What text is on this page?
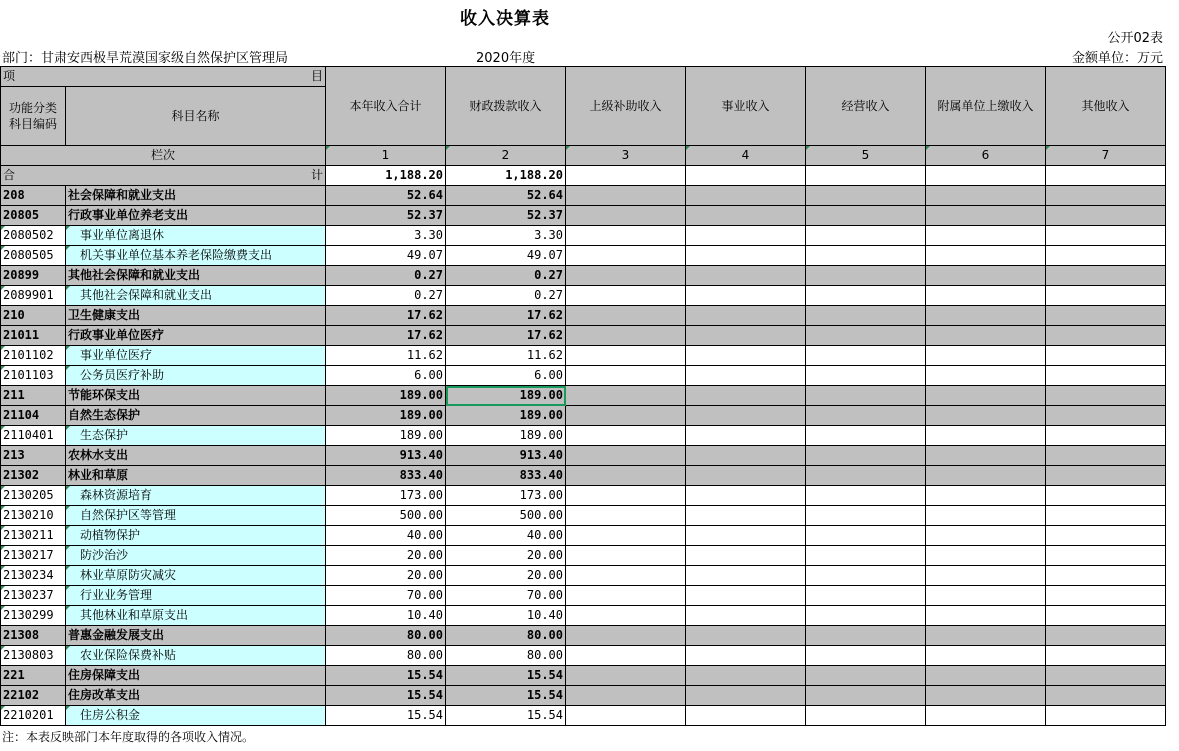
收入决算表
公开02表
部门：甘肃安西极旱荒漠国家级自然保护区管理局	2020年度	金额单位：万元
项 目		本年收入合计	财政拨款收入	上级补助收入	事业收入	经营收入	附属单位上缴收入	其他收入
功能分类
科目编码	科目名称							

栏次		1	2	3	4	5	6	7

合 计		1,188.20	1,188.20					
208	社会保障和就业支出	52.64	52.64					
20805	行政事业单位养老支出	52.37	52.37					
2080502	事业单位离退休	3.30	3.30					
2080505	机关事业单位基本养老保险缴费支出	49.07	49.07					
20899	其他社会保障和就业支出	0.27	0.27					
2089901	其他社会保障和就业支出	0.27	0.27					
210	卫生健康支出	17.62	17.62					
21011	行政事业单位医疗	17.62	17.62					
2101102	事业单位医疗	11.62	11.62					
2101103	公务员医疗补助	6.00	6.00					
211	节能环保支出	189.00	189.00					
21104	自然生态保护	189.00	189.00					
2110401	生态保护	189.00	189.00					
213	农林水支出	913.40	913.40					
21302	林业和草原	833.40	833.40					
2130205	森林资源培育	173.00	173.00					
2130210	自然保护区等管理	500.00	500.00					
2130211	动植物保护	40.00	40.00					
2130217	防沙治沙	20.00	20.00					
2130234	林业草原防灾减灾	20.00	20.00					
2130237	行业业务管理	70.00	70.00					
2130299	其他林业和草原支出	10.40	10.40					
21308	普惠金融发展支出	80.00	80.00					
2130803	农业保险保费补贴	80.00	80.00					
221	住房保障支出	15.54	15.54					
22102	住房改革支出	15.54	15.54					
2210201	住房公积金	15.54	15.54					
注：本表反映部门本年度取得的各项收入情况。
